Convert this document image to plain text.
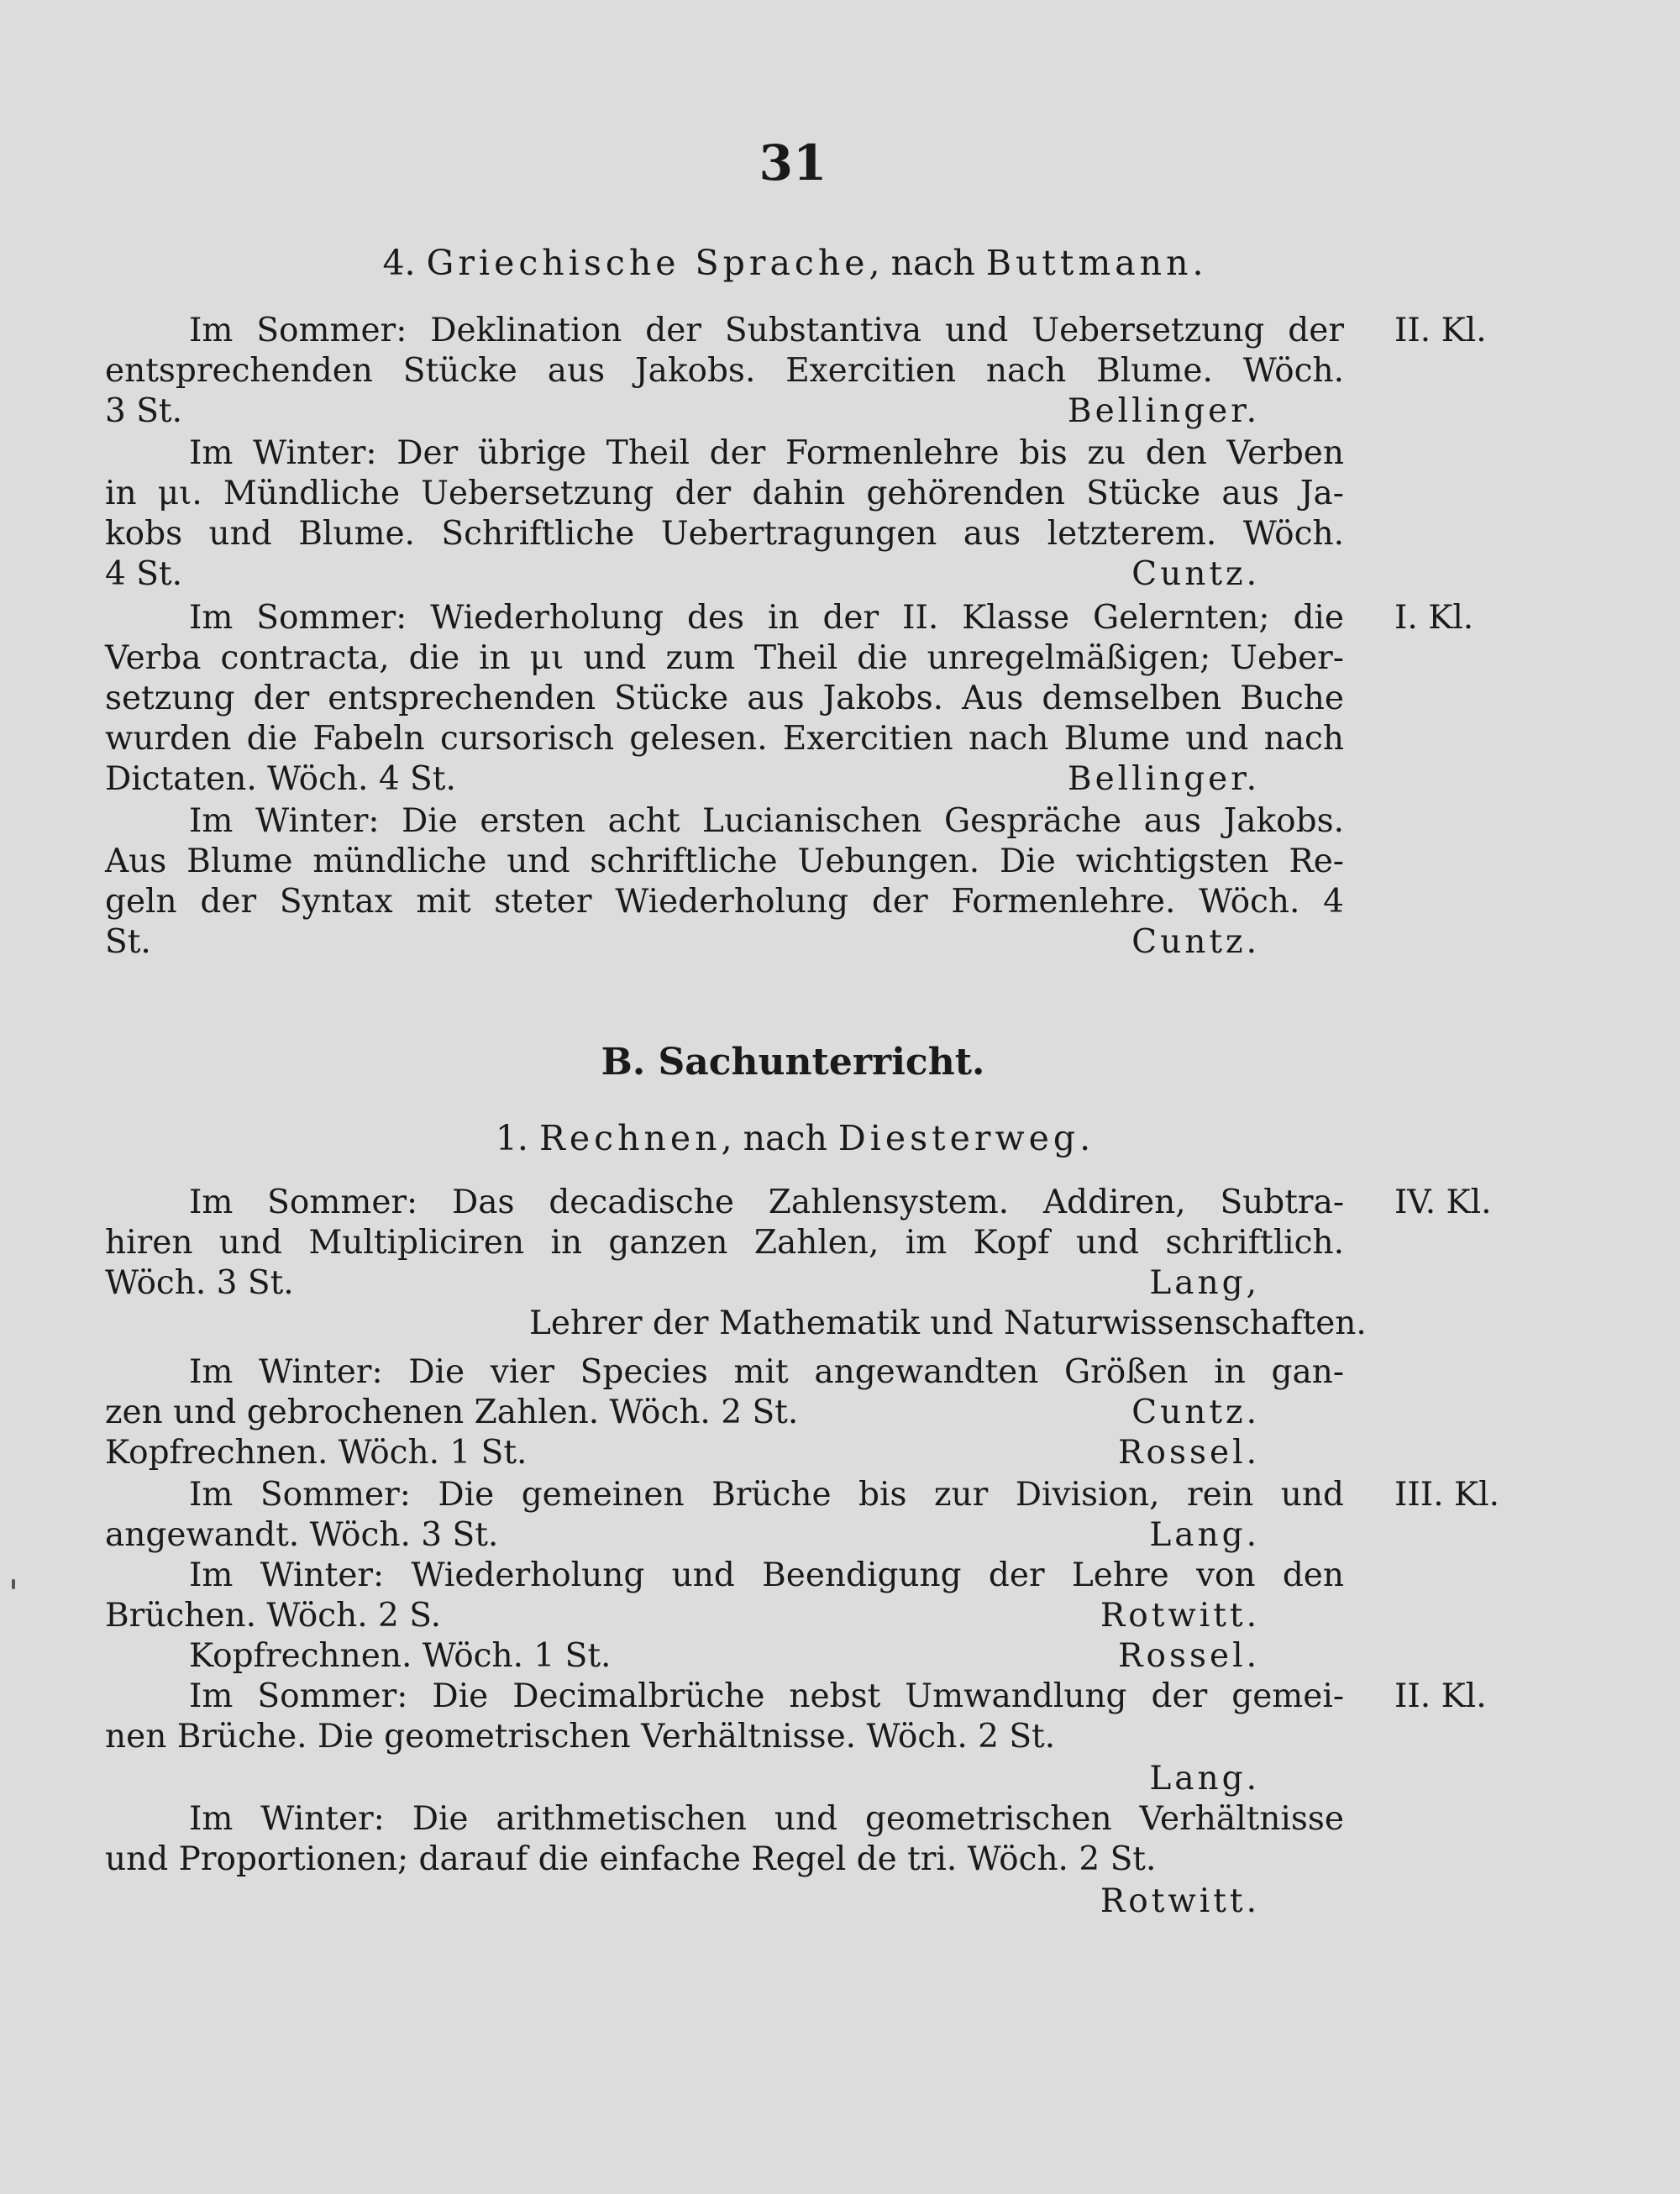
31
4. Griechische Sprache, nach Buttmann.
Im Sommer: Deklination der Substantiva und Uebersetzung der II. Kl.
entsprechenden Stücke aus Jakobs. Exercitien nach Blume. Wöch.
3 St.	Bellinger.
Im Winter: Der übrige Theil der Formenlehre bis zu den Verben
in μι. Mündliche Uebersetzung der dahin gehörenden Stücke aus Ja-
kobs und Blume. Schriftliche Uebertragungen aus letzterem. Wöch.
4 St.	Cuntz.
Im Sommer: Wiederholung des in der II. Klasse Gelernten; die I. Kl.
Verba contracta, die in μι und zum Theil die unregelmäßigen; Ueber-
setzung der entsprechenden Stücke aus Jakobs. Aus demselben Buche
wurden die Fabeln cursorisch gelesen. Exercitien nach Blume und nach
Dictaten. Wöch. 4 St.	Bellinger.
Im Winter: Die ersten acht Lucianischen Gespräche aus Jakobs.
Aus Blume mündliche und schriftliche Uebungen. Die wichtigsten Re-
geln der Syntax mit steter Wiederholung der Formenlehre. Wöch. 4
St.	Cuntz.
B. Sachunterricht.
1. Rechnen, nach Diesterweg.
Im Sommer: Das decadische Zahlensystem. Addiren, Subtra- IV. Kl.
hiren und Multipliciren in ganzen Zahlen, im Kopf und schriftlich.
Wöch. 3 St.	Lang,
Lehrer der Mathematik und Naturwissenschaften.
Im Winter: Die vier Species mit angewandten Größen in gan-
zen und gebrochenen Zahlen. Wöch. 2 St.	Cuntz.
Kopfrechnen. Wöch. 1 St.	Rossel.
Im Sommer: Die gemeinen Brüche bis zur Division, rein und III. Kl.
angewandt. Wöch. 3 St.	Lang.
Im Winter: Wiederholung und Beendigung der Lehre von den
Brüchen. Wöch. 2 S.	Rotwitt.
Kopfrechnen. Wöch. 1 St.	Rossel.
Im Sommer: Die Decimalbrüche nebst Umwandlung der gemei- II. Kl.
nen Brüche. Die geometrischen Verhältnisse. Wöch. 2 St.
Lang.
Im Winter: Die arithmetischen und geometrischen Verhältnisse
und Proportionen; darauf die einfache Regel de tri. Wöch. 2 St.
Rotwitt.
